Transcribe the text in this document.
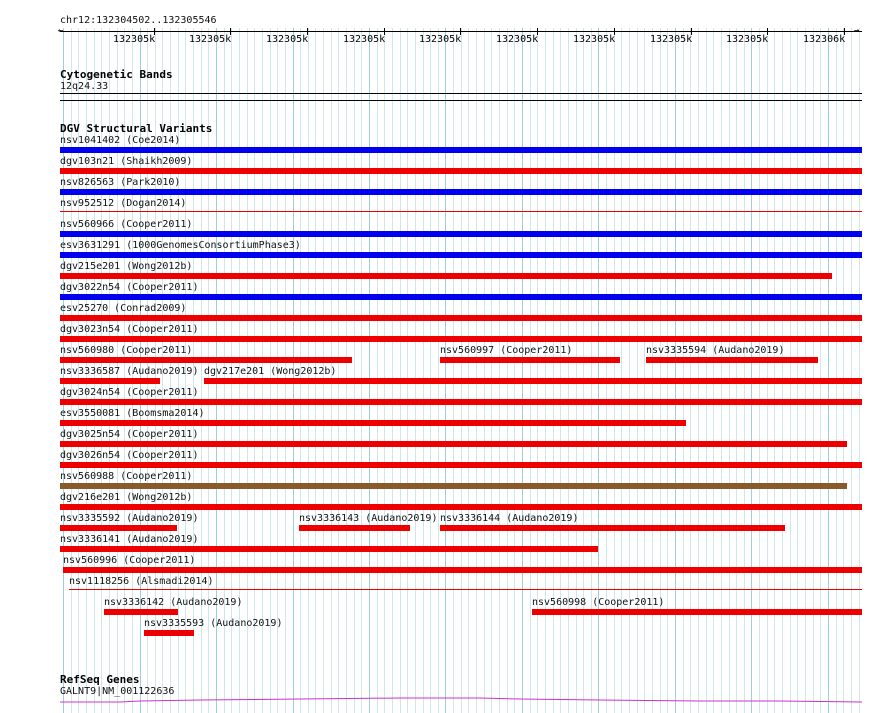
chr12:132304502..132305546
←	→
132305k	132305k	132305k	132305k	132305k	132305k	132305k	132305k	132305k	132306k
Cytogenetic Bands
12q24.33
DGV Structural Variants
nsv1041402 (Coe2014)
dgv103n21 (Shaikh2009)
nsv826563 (Park2010)
nsv952512 (Dogan2014)
nsv560966 (Cooper2011)
esv3631291 (1000GenomesConsortiumPhase3)
dgv215e201 (Wong2012b)
dgv3022n54 (Cooper2011)
esv25270 (Conrad2009)
dgv3023n54 (Cooper2011)
nsv560980 (Cooper2011)	nsv560997 (Cooper2011)	nsv3335594 (Audano2019)
nsv3336587 (Audano2019) dgv217e201 (Wong2012b)
dgv3024n54 (Cooper2011)
esv3550081 (Boomsma2014)
dgv3025n54 (Cooper2011)
dgv3026n54 (Cooper2011)
nsv560988 (Cooper2011)
dgv216e201 (Wong2012b)
nsv3335592 (Audano2019)	nsv3336143 (Audano2019) nsv3336144 (Audano2019)
nsv3336141 (Audano2019)
nsv560996 (Cooper2011)
nsv1118256 (Alsmadi2014)
nsv3336142 (Audano2019)	nsv560998 (Cooper2011)
nsv3335593 (Audano2019)
RefSeq Genes
GALNT9|NM_001122636
